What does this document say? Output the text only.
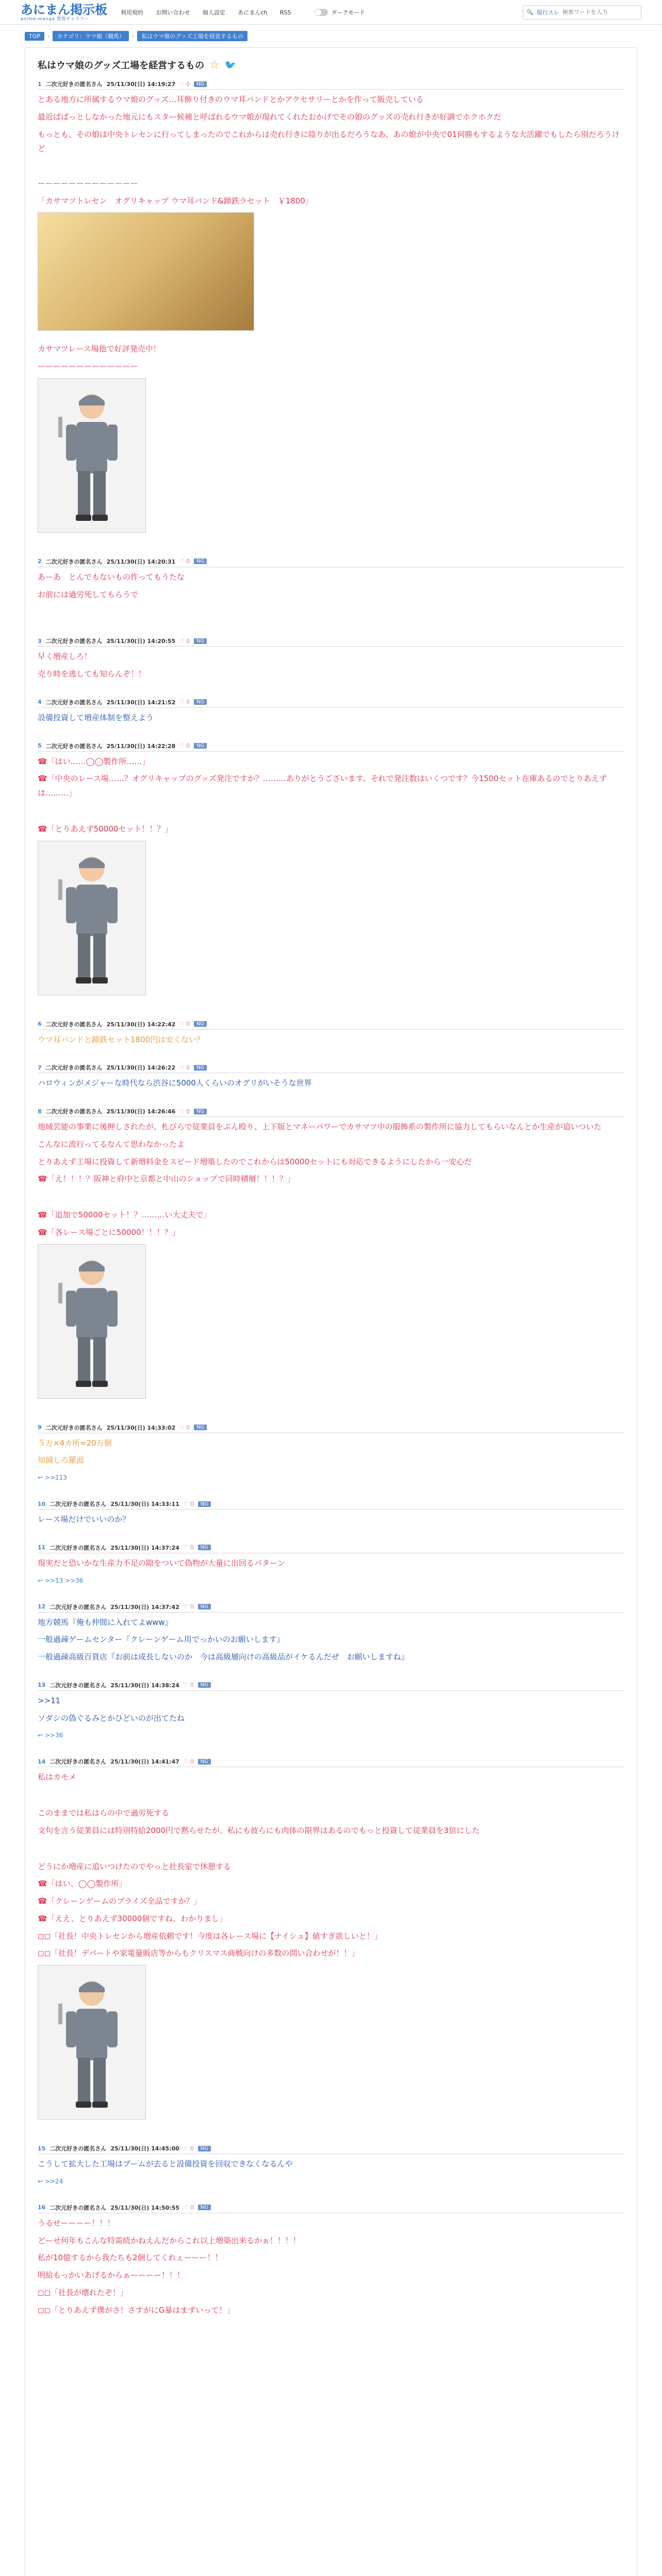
あにまん掲示板
anime-manga 質問ギャラリー
利用規約 お問い合わせ 個人設定 あにまんch RSS	ダークモード	🔍 現行スレ
検索ワードを入力
TOP	›	カテゴリ：ウマ娘（競馬）	›	私はウマ娘のグッズ工場を経営するもの
私はウマ娘のグッズ工場を経営するもの ☆ 🐦
1 二次元好きの匿名さん 25/11/30(日) 14:19:27 ♡ 0	NG

とある地方に所属するウマ娘のグッズ…耳飾り付きのウマ耳バンドとかアクセサリーとかを作って販売している

最近ぱぱっとしなかった地元にもスター候補と呼ばれるウマ娘が現れてくれたおかげでその娘のグッズの売れ行きが好調でホクホクだ

もっとも、その娘は中央トレセンに行ってしまったのでこれからは売れ行きに陰りが出るだろうなあ、あの娘が中央で01何勝もするような大活躍でもしたら別だろうけど

ーーーーーーーーーーーーー

「カサマツトレセン　オグリキャップ ウマ耳バンド&蹄鉄ラセット　￥1800」

カサマツレース場他で好評発売中！

ーーーーーーーーーーーーー

2 二次元好きの匿名さん 25/11/30(日) 14:20:31 ♡ 0	NG

あーあ　とんでもないもの作ってもうたな

お前には過労死してもらうで

3 二次元好きの匿名さん 25/11/30(日) 14:20:55 ♡ 0	NG

早く増産しろ！

売り時を逃しても知らんぞ！！

4 二次元好きの匿名さん 25/11/30(日) 14:21:52 ♡ 0	NG

設備投資して増産体制を整えよう

5 二次元好きの匿名さん 25/11/30(日) 14:22:28 ♡ 0	NG

☎「はい……◯◯製作所……」

☎「中央のレース場……？オグリキャップのグッズ発注ですか？………ありがとうございます、それで発注数はいくつです？今1500セット在庫あるのでとりあえずは………」

☎「とりあえず50000セット！！？」

6 二次元好きの匿名さん 25/11/30(日) 14:22:42 ♡ 0	NG

ウマ耳バンドと蹄鉄セット1800円は安くない？

7 二次元好きの匿名さん 25/11/30(日) 14:26:22 ♡ 0	NG

ハロウィンがメジャーな時代なら渋谷に5000人くらいのオグリがいそうな世界

8 二次元好きの匿名さん 25/11/30(日) 14:26:46 ♡ 0	NG

地域芸能の事業に後押しされたが、札びらで従業員をぶん殴り、上下版とマネーパワーでカサマツ中の服飾系の製作所に協力してもらいなんとか生産が追いついた

こんなに流行ってるなんて思わなかったよ

とりあえず工場に投資して新増料金をスピード増築したのでこれからは50000セットにも対応できるようにしたから一安心だ

☎「え！！！？阪神と府中と京都と中山のショップで同時積層！！！？」

☎「追加で50000セット！？………い大丈夫で」

☎「各レース場ごとに50000！！！？」

9 二次元好きの匿名さん 25/11/30(日) 14:33:02 ♡ 0	NG

５万×4カ所=20万個

知減しろ羅面

↩ >>113
10 二次元好きの匿名さん 25/11/30(日) 14:33:11 ♡ 0	NG

レース場だけでいいのか？

11 二次元好きの匿名さん 25/11/30(日) 14:37:24 ♡ 0	NG

現実だと恐いかな生産力不足の隙をついて偽物が大量に出回るパターン

↩ >>13 >>36
12 二次元好きの匿名さん 25/11/30(日) 14:37:42 ♡ 0	NG

地方競馬『俺も仲間に入れてよwww』

一般過疎ゲームセンター『クレーンゲーム用でっかいのお願いします』

一般過疎高級百貨店『お前は成長しないのか　今は高級層向けの高級品がイケるんだぜ　お願いしますね』

13 二次元好きの匿名さん 25/11/30(日) 14:38:24 ♡ 0	NG

>>11

ソダシの偽ぐるみとかひどいのが出てたね

↩ >>36
14 二次元好きの匿名さん 25/11/30(日) 14:41:47 ♡ 0	NG

私はカモメ

このままでは私はらの中で過労死する

文句を言う従業員には特別特給2000円で黙らせたが、私にも彼らにも肉体の限界はあるのでもっと投資して従業員を3倍にした

どうにか増産に追いつけたのでやっと社長室で休憩する

☎「はい、◯◯製作所」

☎「クレーンゲームのプライズ全品ですか？」

☎「ええ、とりあえず30000個ですね、わかりまし」

◻◻「社長！中央トレセンから増産依頼です！今度は各レース場に【ナイシュ】値すぎ欲しいと！」

◻◻「社長！デパートや家電量販店等からもクリスマス商戦向けの多数の問い合わせが！！」

15 二次元好きの匿名さん 25/11/30(日) 14:45:00 ♡ 0	NG

こうして拡大した工場はブームが去ると設備投資を回収できなくなるんや

↩ >>24
16 二次元好きの匿名さん 25/11/30(日) 14:50:55 ♡ 0	NG

うるせーーーー！！！

どーせ何年もこんな特需続かねえんだからこれ以上増築出来るかぁ！！！！

私が10億するから我たちも2個してくれぇーーー！！

明給もっかいあげるからぁーーーー！！！

◻◻「社長が壊れたぞ！」

◻◻「とりあえず僕がさ！さすがにG暴はまずいって！」
